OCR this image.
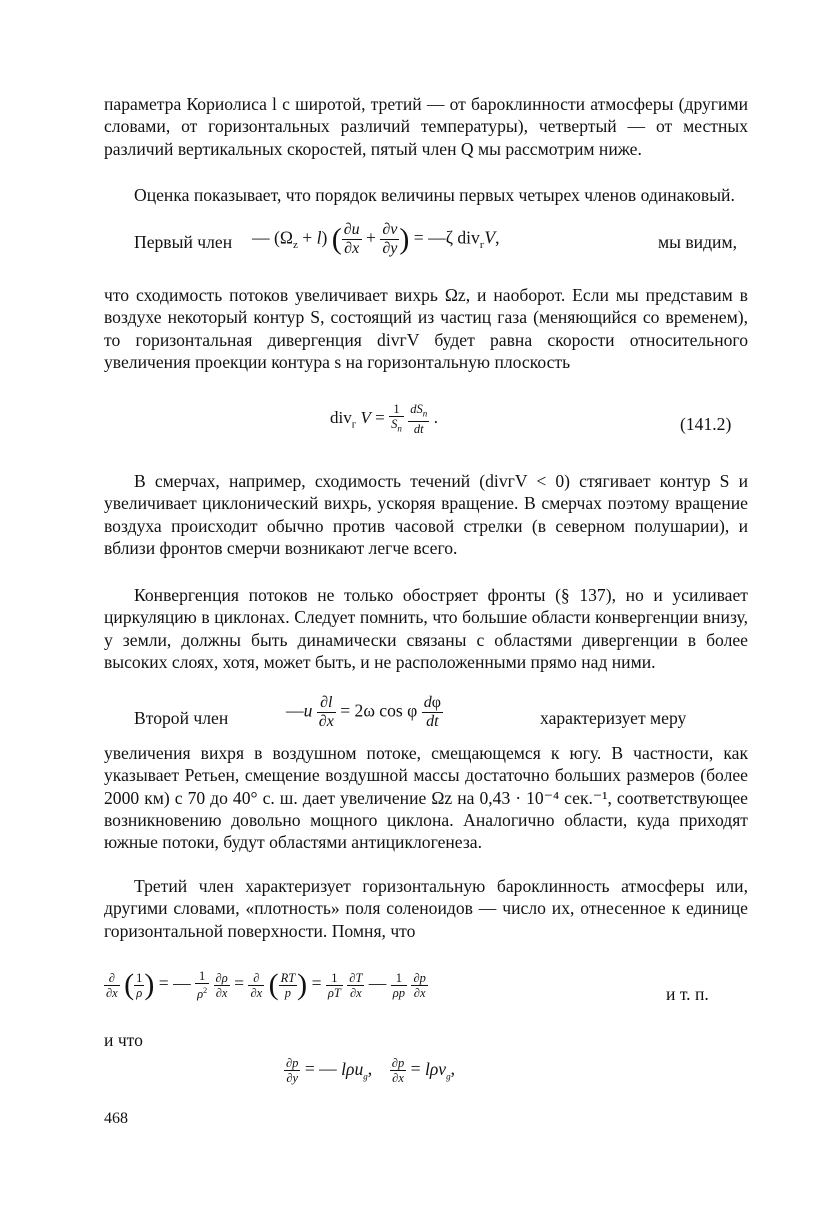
параметра Кориолиса l с широтой, третий — от бароклинности атмосферы (другими словами, от горизонтальных различий температуры), четвертый — от местных различий вертикальных скоростей, пятый член Q мы рассмотрим ниже.
Оценка показывает, что порядок величины первых четырех членов одинаковый.
Первый член — $(\Omega_z + l)$ ( $\frac{\partial u}{\partial x} + \frac{\partial v}{\partial y}$ ) = —ζ div$_г$V,	мы видим,
что сходимость потоков увеличивает вихрь Ωz, и наоборот. Если мы представим в воздухе некоторый контур S, состоящий из частиц газа (меняющийся со временем), то горизонтальная дивергенция divгV будет равна скорости относительного увеличения проекции контура s на горизонтальную плоскость
div$_г$ $V = \frac{1}{S_n}$
$dS_n$
dt
.	(141.2)
В смерчах, например, сходимость течений (divгV < 0) стягивает контур S и увеличивает циклонический вихрь, ускоряя вращение. В смерчах поэтому вращение воздуха происходит обычно против часовой стрелки (в северном полушарии), и вблизи фронтов смерчи возникают легче всего.
Конвергенция потоков не только обостряет фронты (§ 137), но и усиливает циркуляцию в циклонах. Следует помнить, что большие области конвергенции внизу, у земли, должны быть динамически связаны с областями дивергенции в более высоких слоях, хотя, может быть, и не расположенными прямо над ними.
Второй член	—u $\frac{\partial l}{\partial x} = 2\omega$ cos φ $\frac{d\varphi}{dt}$	характеризует меру
увеличения вихря в воздушном потоке, смещающемся к югу. В частности, как указывает Ретьен, смещение воздушной массы достаточно больших размеров (более 2000 км) с 70 до 40° с. ш. дает увеличение Ωz на 0,43 · 10⁻⁴ сек.⁻¹, соответствующее возникновению довольно мощного циклона. Аналогично области, куда приходят южные потоки, будут областями антициклогенеза.
Третий член характеризует горизонтальную бароклинность атмосферы или, другими словами, «плотность» поля соленоидов — число их, отнесенное к единице горизонтальной поверхности. Помня, что
∂
∂x ( $\frac{1}{\rho}$ ) = — $\frac{1}{\rho^2}$
$\frac{\partial\rho}{\partial x}$ = ∂
∂x ( $\frac{RT}{p}$ ) = $\frac{1}{\rho T}$
$\frac{\partial T}{\partial x}$ — $\frac{1}{\rho p}$
$\frac{\partial p}{\partial x}$	и т. п.
и что
$\frac{\partial p}{\partial y}$ = — lρu$_g$, $\frac{\partial p}{\partial x} = l\rho v_g$,
468
